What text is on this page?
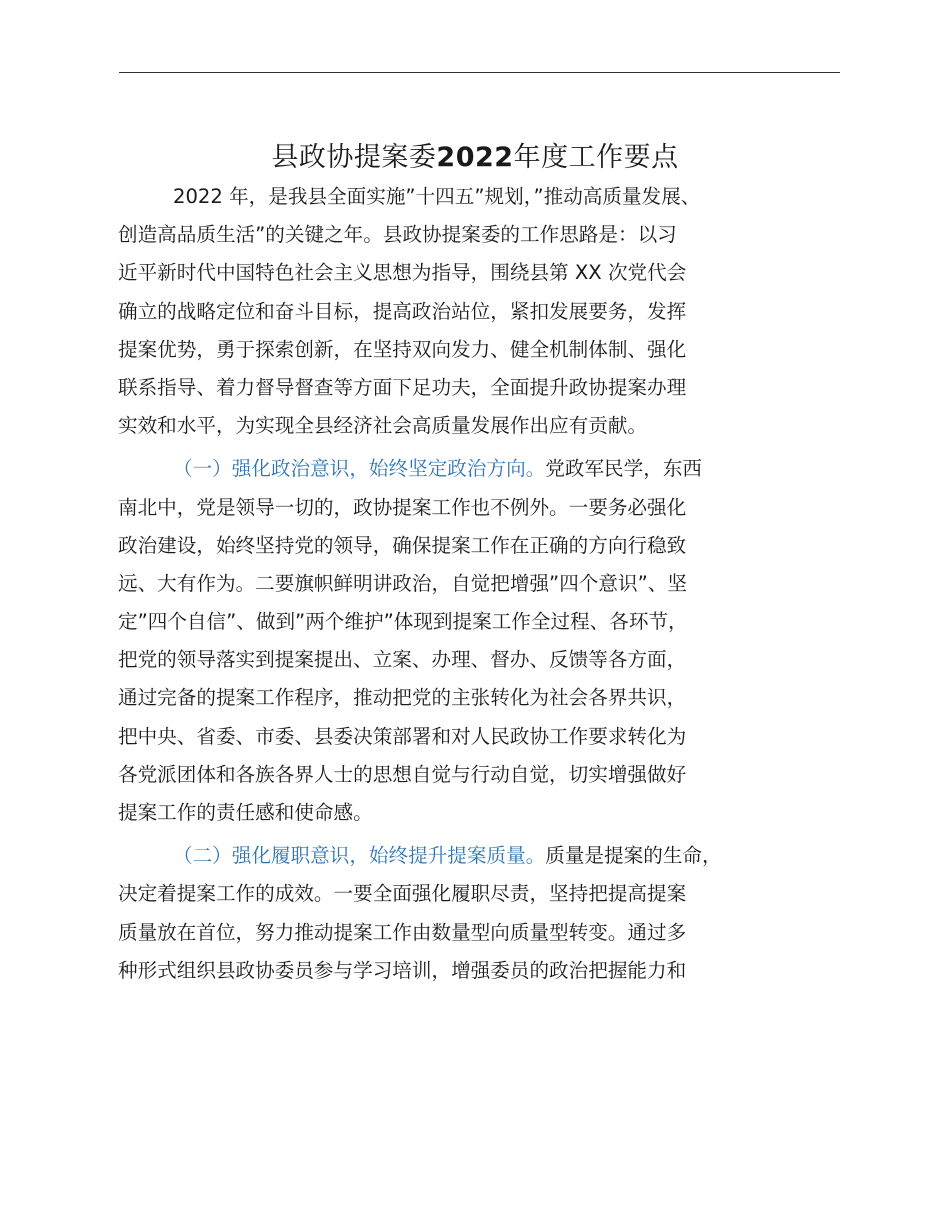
县政协提案委2022年度工作要点
2022 年，是我县全面实施”十四五”规划，”推动高质量发展、
创造高品质生活”的关键之年。县政协提案委的工作思路是：以习
近平新时代中国特色社会主义思想为指导，围绕县第 XX 次党代会
确立的战略定位和奋斗目标，提高政治站位，紧扣发展要务，发挥
提案优势，勇于探索创新，在坚持双向发力、健全机制体制、强化
联系指导、着力督导督查等方面下足功夫，全面提升政协提案办理
实效和水平，为实现全县经济社会高质量发展作出应有贡献。
（一）强化政治意识，始终坚定政治方向。党政军民学，东西
南北中，党是领导一切的，政协提案工作也不例外。一要务必强化
政治建设，始终坚持党的领导，确保提案工作在正确的方向行稳致
远、大有作为。二要旗帜鲜明讲政治，自觉把增强”四个意识”、坚
定”四个自信”、做到”两个维护”体现到提案工作全过程、各环节，
把党的领导落实到提案提出、立案、办理、督办、反馈等各方面，
通过完备的提案工作程序，推动把党的主张转化为社会各界共识，
把中央、省委、市委、县委决策部署和对人民政协工作要求转化为
各党派团体和各族各界人士的思想自觉与行动自觉，切实增强做好
提案工作的责任感和使命感。
（二）强化履职意识，始终提升提案质量。质量是提案的生命，
决定着提案工作的成效。一要全面强化履职尽责，坚持把提高提案
质量放在首位，努力推动提案工作由数量型向质量型转变。通过多
种形式组织县政协委员参与学习培训，增强委员的政治把握能力和
